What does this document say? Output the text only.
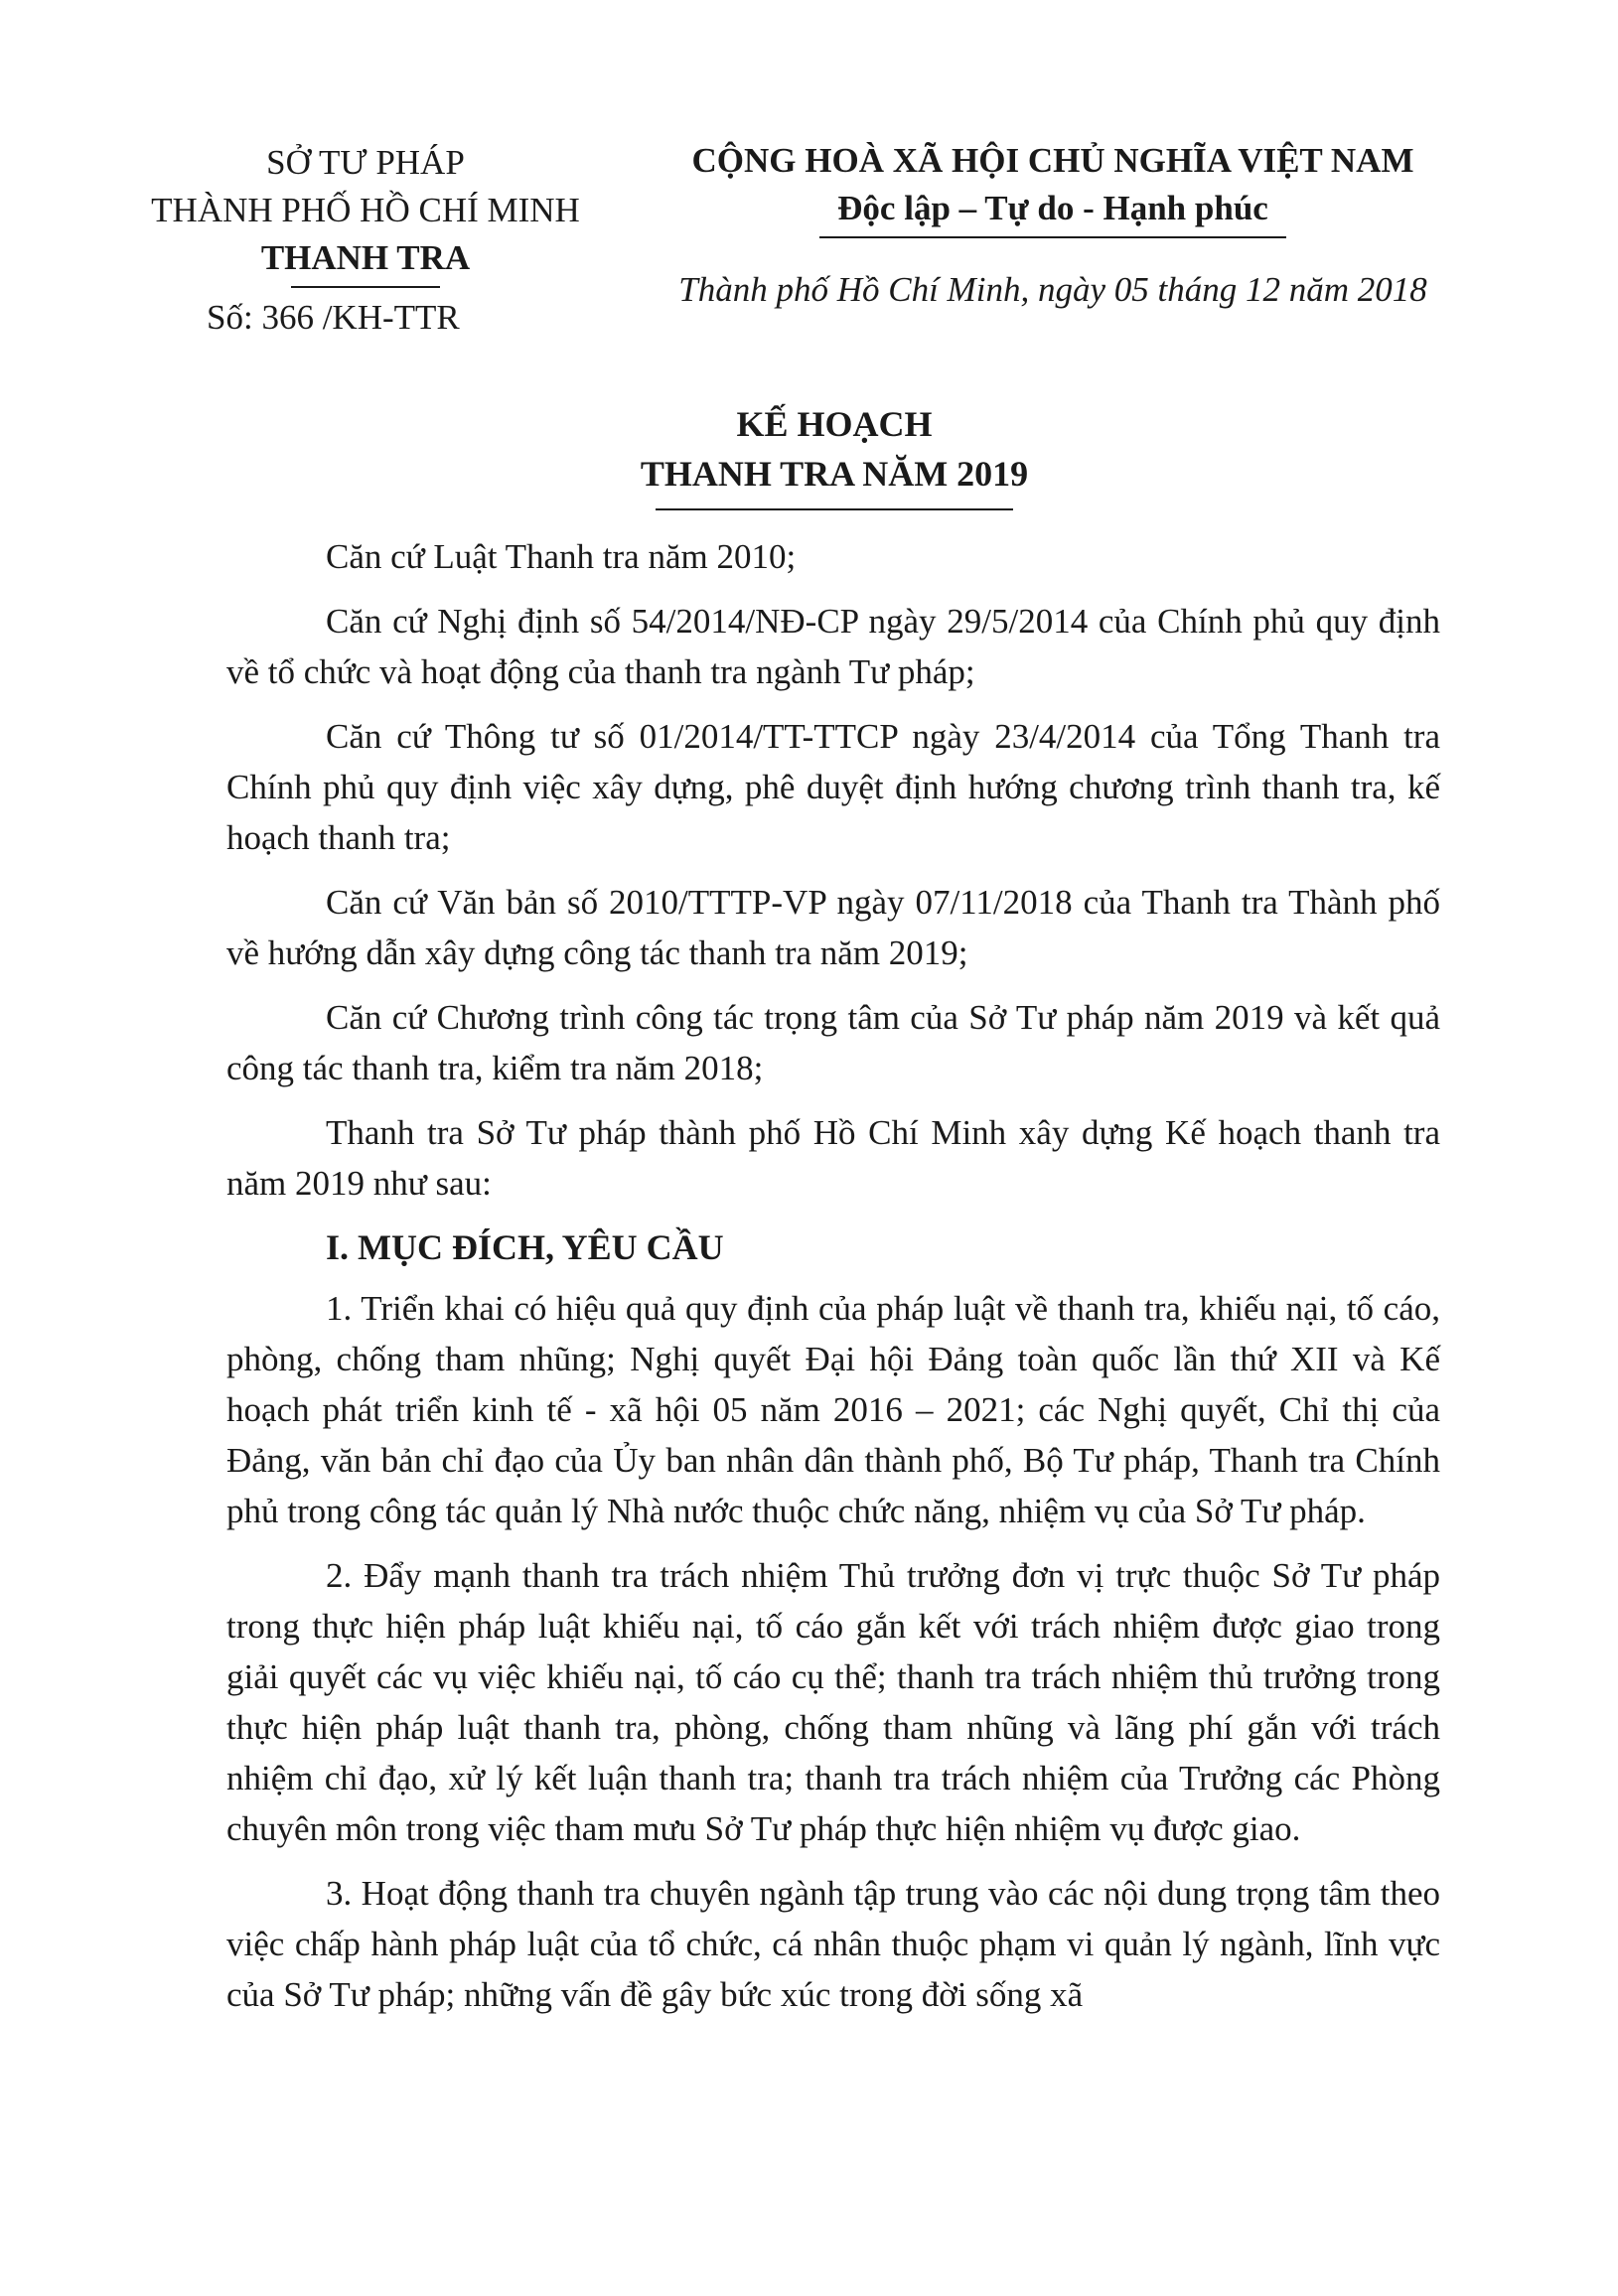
SỞ TƯ PHÁP
THÀNH PHỐ HỒ CHÍ MINH
THANH TRA
Số: 366 /KH-TTR
CỘNG HOÀ XÃ HỘI CHỦ NGHĨA VIỆT NAM
Độc lập – Tự do - Hạnh phúc
Thành phố Hồ Chí Minh, ngày 05 tháng 12 năm 2018
KẾ HOẠCH
THANH TRA NĂM 2019

Căn cứ Luật Thanh tra năm 2010;

Căn cứ Nghị định số 54/2014/NĐ-CP ngày 29/5/2014 của Chính phủ quy định về tổ chức và hoạt động của thanh tra ngành Tư pháp;

Căn cứ Thông tư số 01/2014/TT-TTCP ngày 23/4/2014 của Tổng Thanh tra Chính phủ quy định việc xây dựng, phê duyệt định hướng chương trình thanh tra, kế hoạch thanh tra;

Căn cứ Văn bản số 2010/TTTP-VP ngày 07/11/2018 của Thanh tra Thành phố về hướng dẫn xây dựng công tác thanh tra năm 2019;

Căn cứ Chương trình công tác trọng tâm của Sở Tư pháp năm 2019 và kết quả công tác thanh tra, kiểm tra năm 2018;

Thanh tra Sở Tư pháp thành phố Hồ Chí Minh xây dựng Kế hoạch thanh tra năm 2019 như sau:

I. MỤC ĐÍCH, YÊU CẦU

1. Triển khai có hiệu quả quy định của pháp luật về thanh tra, khiếu nại, tố cáo, phòng, chống tham nhũng; Nghị quyết Đại hội Đảng toàn quốc lần thứ XII và Kế hoạch phát triển kinh tế - xã hội 05 năm 2016 – 2021; các Nghị quyết, Chỉ thị của Đảng, văn bản chỉ đạo của Ủy ban nhân dân thành phố, Bộ Tư pháp, Thanh tra Chính phủ trong công tác quản lý Nhà nước thuộc chức năng, nhiệm vụ của Sở Tư pháp.

2. Đẩy mạnh thanh tra trách nhiệm Thủ trưởng đơn vị trực thuộc Sở Tư pháp trong thực hiện pháp luật khiếu nại, tố cáo gắn kết với trách nhiệm được giao trong giải quyết các vụ việc khiếu nại, tố cáo cụ thể; thanh tra trách nhiệm thủ trưởng trong thực hiện pháp luật thanh tra, phòng, chống tham nhũng và lãng phí gắn với trách nhiệm chỉ đạo, xử lý kết luận thanh tra; thanh tra trách nhiệm của Trưởng các Phòng chuyên môn trong việc tham mưu Sở Tư pháp thực hiện nhiệm vụ được giao.

3. Hoạt động thanh tra chuyên ngành tập trung vào các nội dung trọng tâm theo việc chấp hành pháp luật của tổ chức, cá nhân thuộc phạm vi quản lý ngành, lĩnh vực của Sở Tư pháp; những vấn đề gây bức xúc trong đời sống xã
